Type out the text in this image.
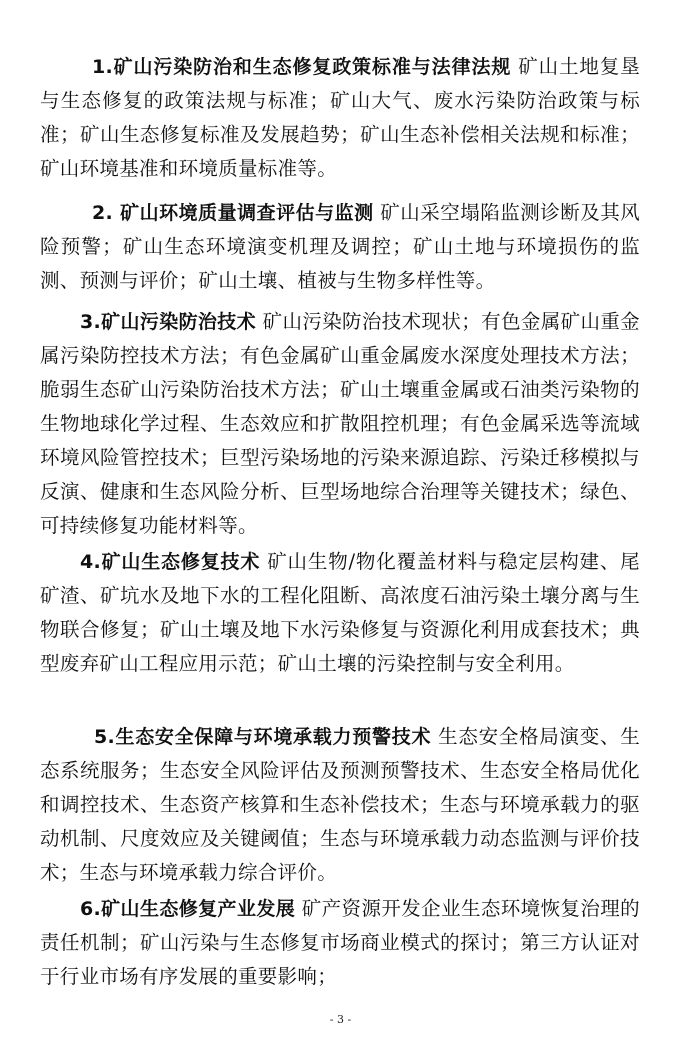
1.矿山污染防治和生态修复政策标准与法律法规 矿山土地复垦与生态修复的政策法规与标准；矿山大气、废水污染防治政策与标准；矿山生态修复标准及发展趋势；矿山生态补偿相关法规和标准；矿山环境基准和环境质量标准等。

2. 矿山环境质量调查评估与监测 矿山采空塌陷监测诊断及其风险预警；矿山生态环境演变机理及调控；矿山土地与环境损伤的监测、预测与评价；矿山土壤、植被与生物多样性等。

3.矿山污染防治技术 矿山污染防治技术现状；有色金属矿山重金属污染防控技术方法；有色金属矿山重金属废水深度处理技术方法；脆弱生态矿山污染防治技术方法；矿山土壤重金属或石油类污染物的生物地球化学过程、生态效应和扩散阻控机理；有色金属采选等流域环境风险管控技术；巨型污染场地的污染来源追踪、污染迁移模拟与反演、健康和生态风险分析、巨型场地综合治理等关键技术；绿色、可持续修复功能材料等。

4.矿山生态修复技术 矿山生物/物化覆盖材料与稳定层构建、尾矿渣、矿坑水及地下水的工程化阻断、高浓度石油污染土壤分离与生物联合修复；矿山土壤及地下水污染修复与资源化利用成套技术；典型废弃矿山工程应用示范；矿山土壤的污染控制与安全利用。

5.生态安全保障与环境承载力预警技术 生态安全格局演变、生态系统服务；生态安全风险评估及预测预警技术、生态安全格局优化和调控技术、生态资产核算和生态补偿技术；生态与环境承载力的驱动机制、尺度效应及关键阈值；生态与环境承载力动态监测与评价技术；生态与环境承载力综合评价。

6.矿山生态修复产业发展 矿产资源开发企业生态环境恢复治理的责任机制；矿山污染与生态修复市场商业模式的探讨；第三方认证对于行业市场有序发展的重要影响；

- 3 -
